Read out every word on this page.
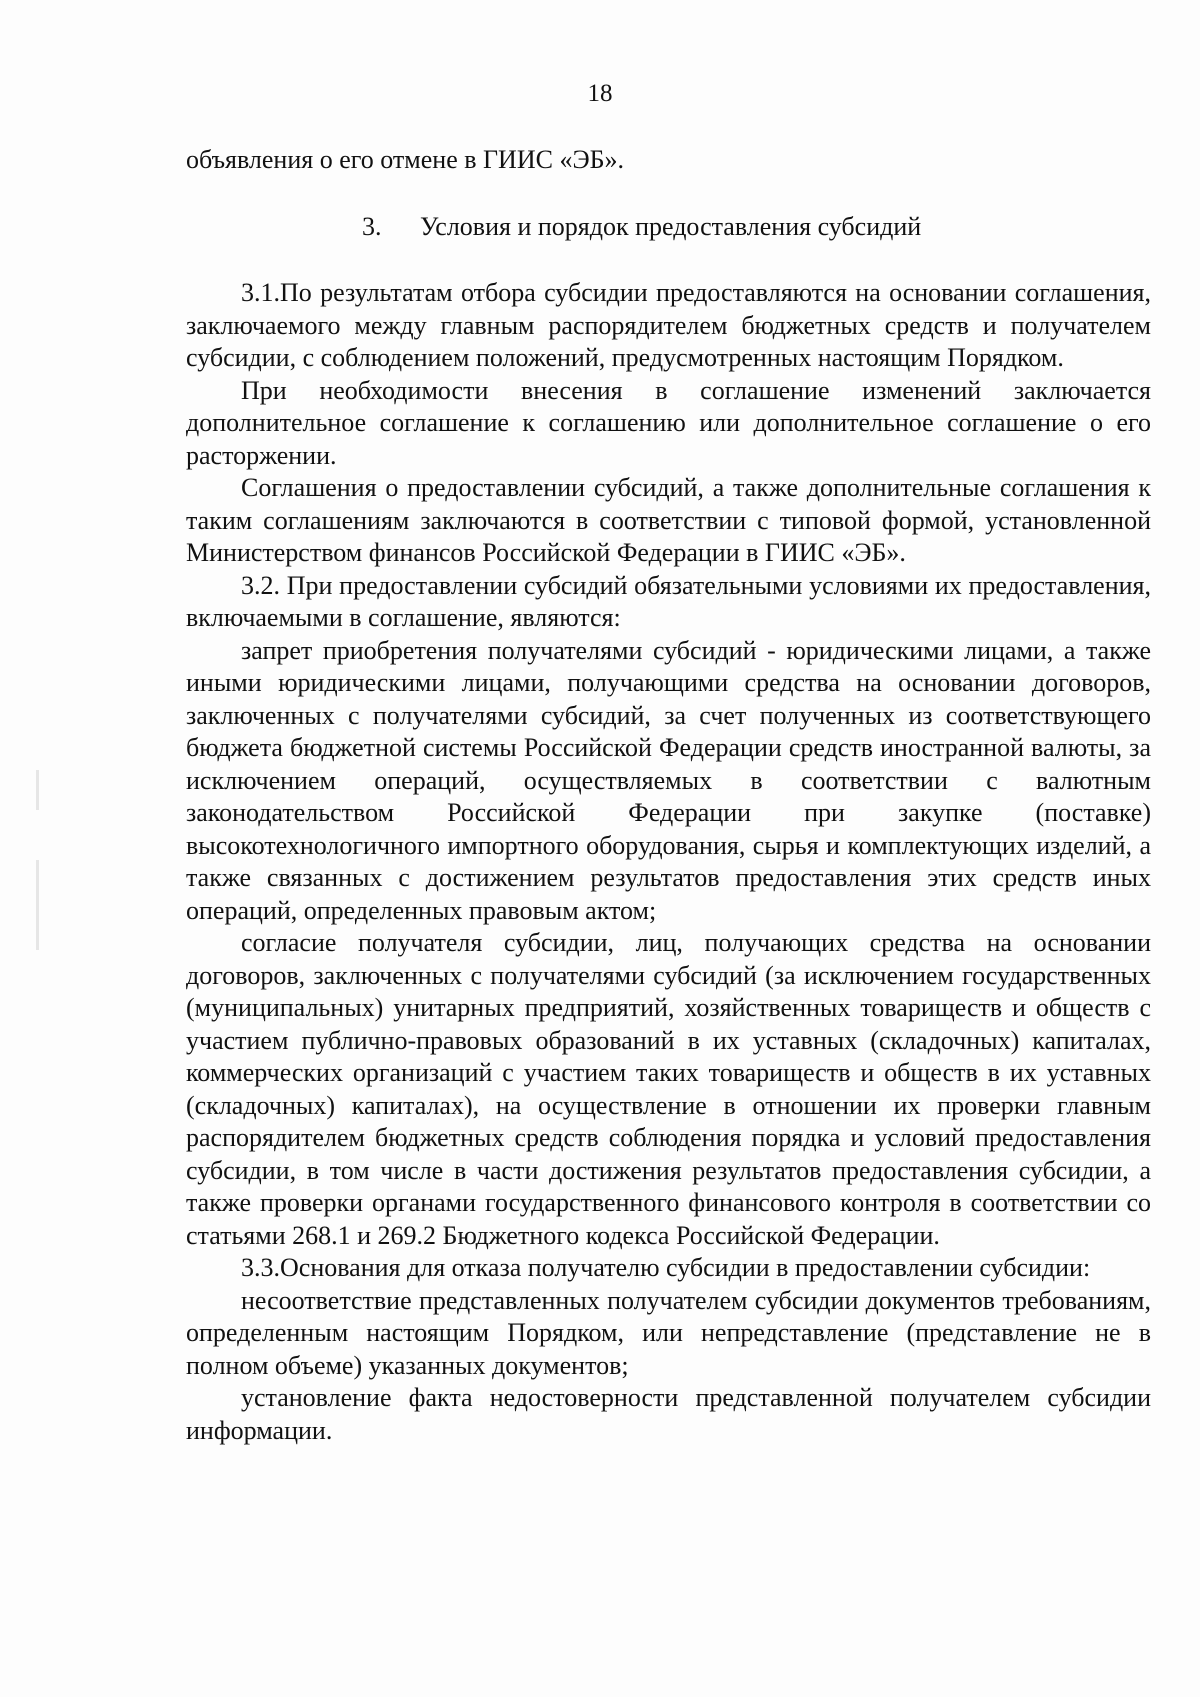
18

объявления о его отмене в ГИИС «ЭБ».

3. Условия и порядок предоставления субсидий

3.1.По результатам отбора субсидии предоставляются на основании соглашения, заключаемого между главным распорядителем бюджетных средств и получателем субсидии, с соблюдением положений, предусмотренных настоящим Порядком.

При необходимости внесения в соглашение изменений заключается дополнительное соглашение к соглашению или дополнительное соглашение о его расторжении.

Соглашения о предоставлении субсидий, а также дополнительные соглашения к таким соглашениям заключаются в соответствии с типовой формой, установленной Министерством финансов Российской Федерации в ГИИС «ЭБ».

3.2. При предоставлении субсидий обязательными условиями их предоставления, включаемыми в соглашение, являются:

запрет приобретения получателями субсидий - юридическими лицами, а также иными юридическими лицами, получающими средства на основании договоров, заключенных с получателями субсидий, за счет полученных из соответствующего бюджета бюджетной системы Российской Федерации средств иностранной валюты, за исключением операций, осуществляемых в соответствии с валютным законодательством Российской Федерации при закупке (поставке) высокотехнологичного импортного оборудования, сырья и комплектующих изделий, а также связанных с достижением результатов предоставления этих средств иных операций, определенных правовым актом;

согласие получателя субсидии, лиц, получающих средства на основании договоров, заключенных с получателями субсидий (за исключением государственных (муниципальных) унитарных предприятий, хозяйственных товариществ и обществ с участием публично-правовых образований в их уставных (складочных) капиталах, коммерческих организаций с участием таких товариществ и обществ в их уставных (складочных) капиталах), на осуществление в отношении их проверки главным распорядителем бюджетных средств соблюдения порядка и условий предоставления субсидии, в том числе в части достижения результатов предоставления субсидии, а также проверки органами государственного финансового контроля в соответствии со статьями 268.1 и 269.2 Бюджетного кодекса Российской Федерации.

3.3.Основания для отказа получателю субсидии в предоставлении субсидии:

несоответствие представленных получателем субсидии документов требованиям, определенным настоящим Порядком, или непредставление (представление не в полном объеме) указанных документов;

установление факта недостоверности представленной получателем субсидии информации.
